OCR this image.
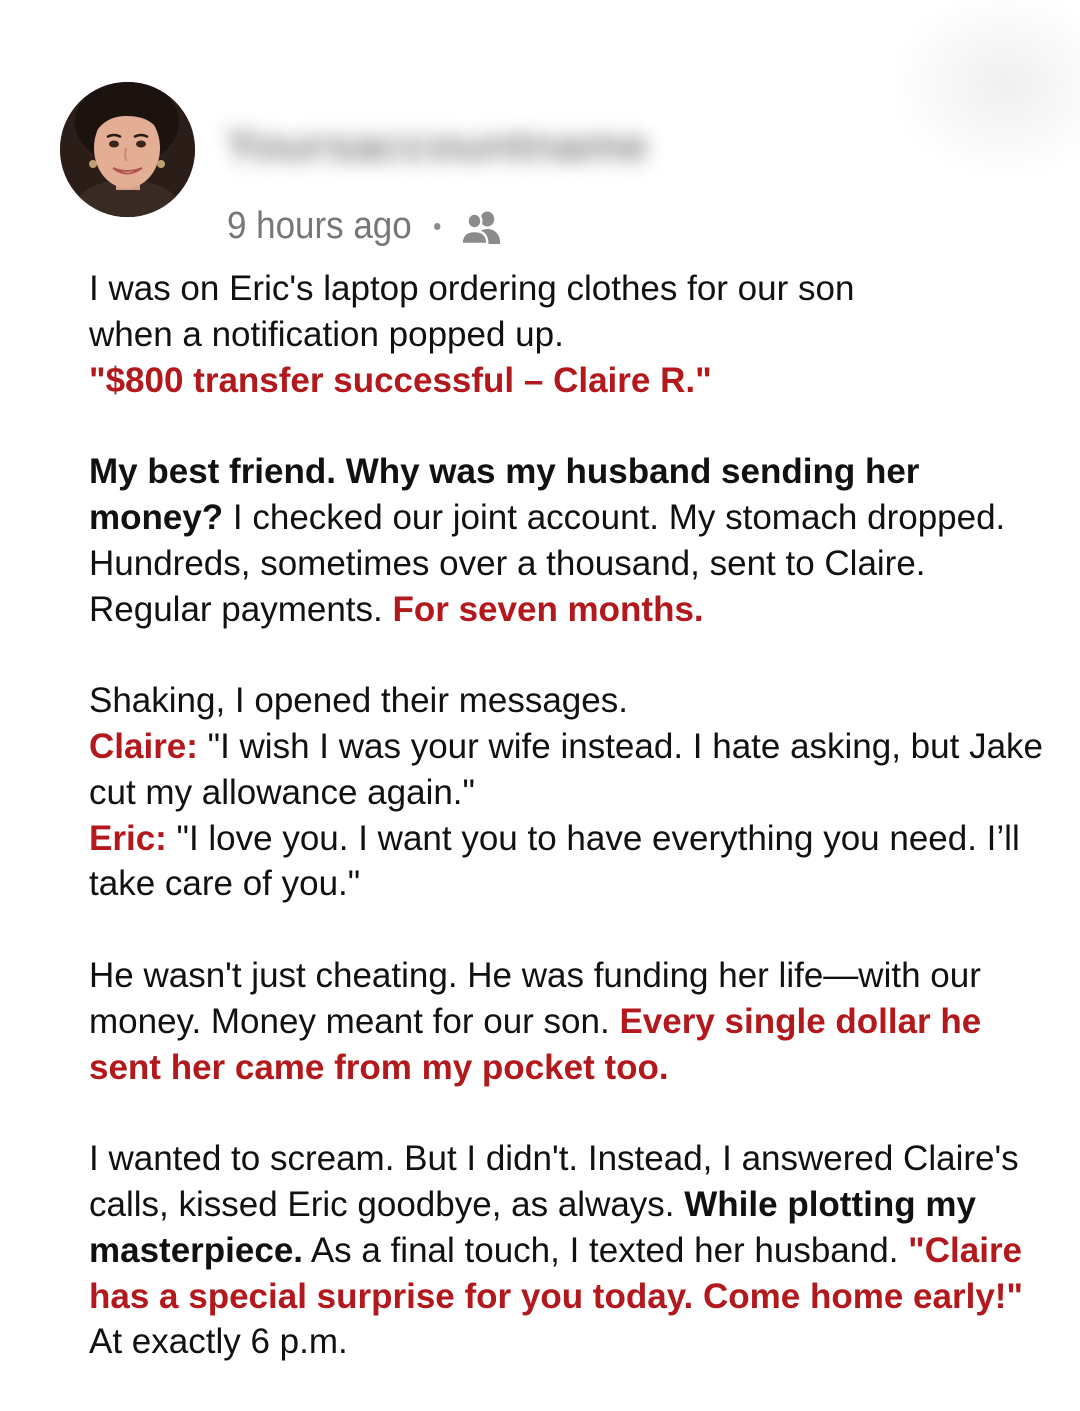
Yoursaccountname
9 hours ago

I was on Eric's laptop ordering clothes for our son
when a notification popped up.
"$800 transfer successful – Claire R."

My best friend. Why was my husband sending her money? I checked our joint account. My stomach dropped. Hundreds, sometimes over a thousand, sent to Claire. Regular payments. For seven months.

Shaking, I opened their messages.
Claire: "I wish I was your wife instead. I hate asking, but Jake cut my allowance again."
Eric: "I love you. I want you to have everything you need. I’ll take care of you."

He wasn't just cheating. He was funding her life—with our money. Money meant for our son. Every single dollar he sent her came from my pocket too.

I wanted to scream. But I didn't. Instead, I answered Claire's calls, kissed Eric goodbye, as always. While plotting my masterpiece. As a final touch, I texted her husband. "Claire has a special surprise for you today. Come home early!" At exactly 6 p.m.
